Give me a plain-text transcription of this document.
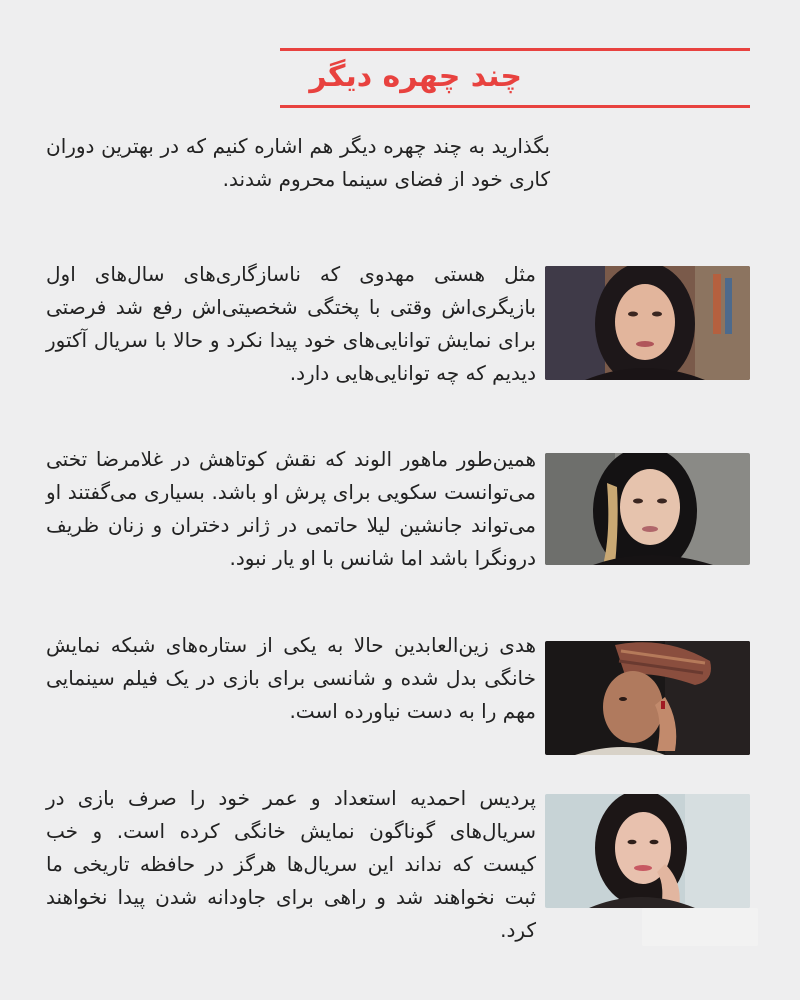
چند چهره دیگر

بگذارید به چند چهره دیگر هم اشاره کنیم که در بهترین دوران کاری خود از فضای سینما محروم شدند.

مثل هستی مهدوی که ناسازگاری‌های سال‌های اول بازیگری‌اش وقتی با پختگی شخصیتی‌اش رفع شد فرصتی برای نمایش توانایی‌های خود پیدا نکرد و حالا با سریال آکتور دیدیم که چه توانایی‌هایی دارد.

همین‌طور ماهور الوند که نقش کوتاهش در غلامرضا تختی می‌توانست سکویی برای پرش او باشد. بسیاری می‌گفتند او می‌تواند جانشین لیلا حاتمی در ژانر دختران و زنان ظریف درونگرا باشد اما شانس با او یار نبود.

هدی زین‌العابدین حالا به یکی از ستاره‌های شبکه نمایش خانگی بدل شده و شانسی برای بازی در یک فیلم سینمایی مهم را به دست نیاورده است.

پردیس احمدیه استعداد و عمر خود را صرف بازی در سریال‌های گوناگون نمایش خانگی کرده است. و خب کیست که نداند این سریال‌ها هرگز در حافظه تاریخی ما ثبت نخواهند شد و راهی برای جاودانه شدن پیدا نخواهند کرد.
